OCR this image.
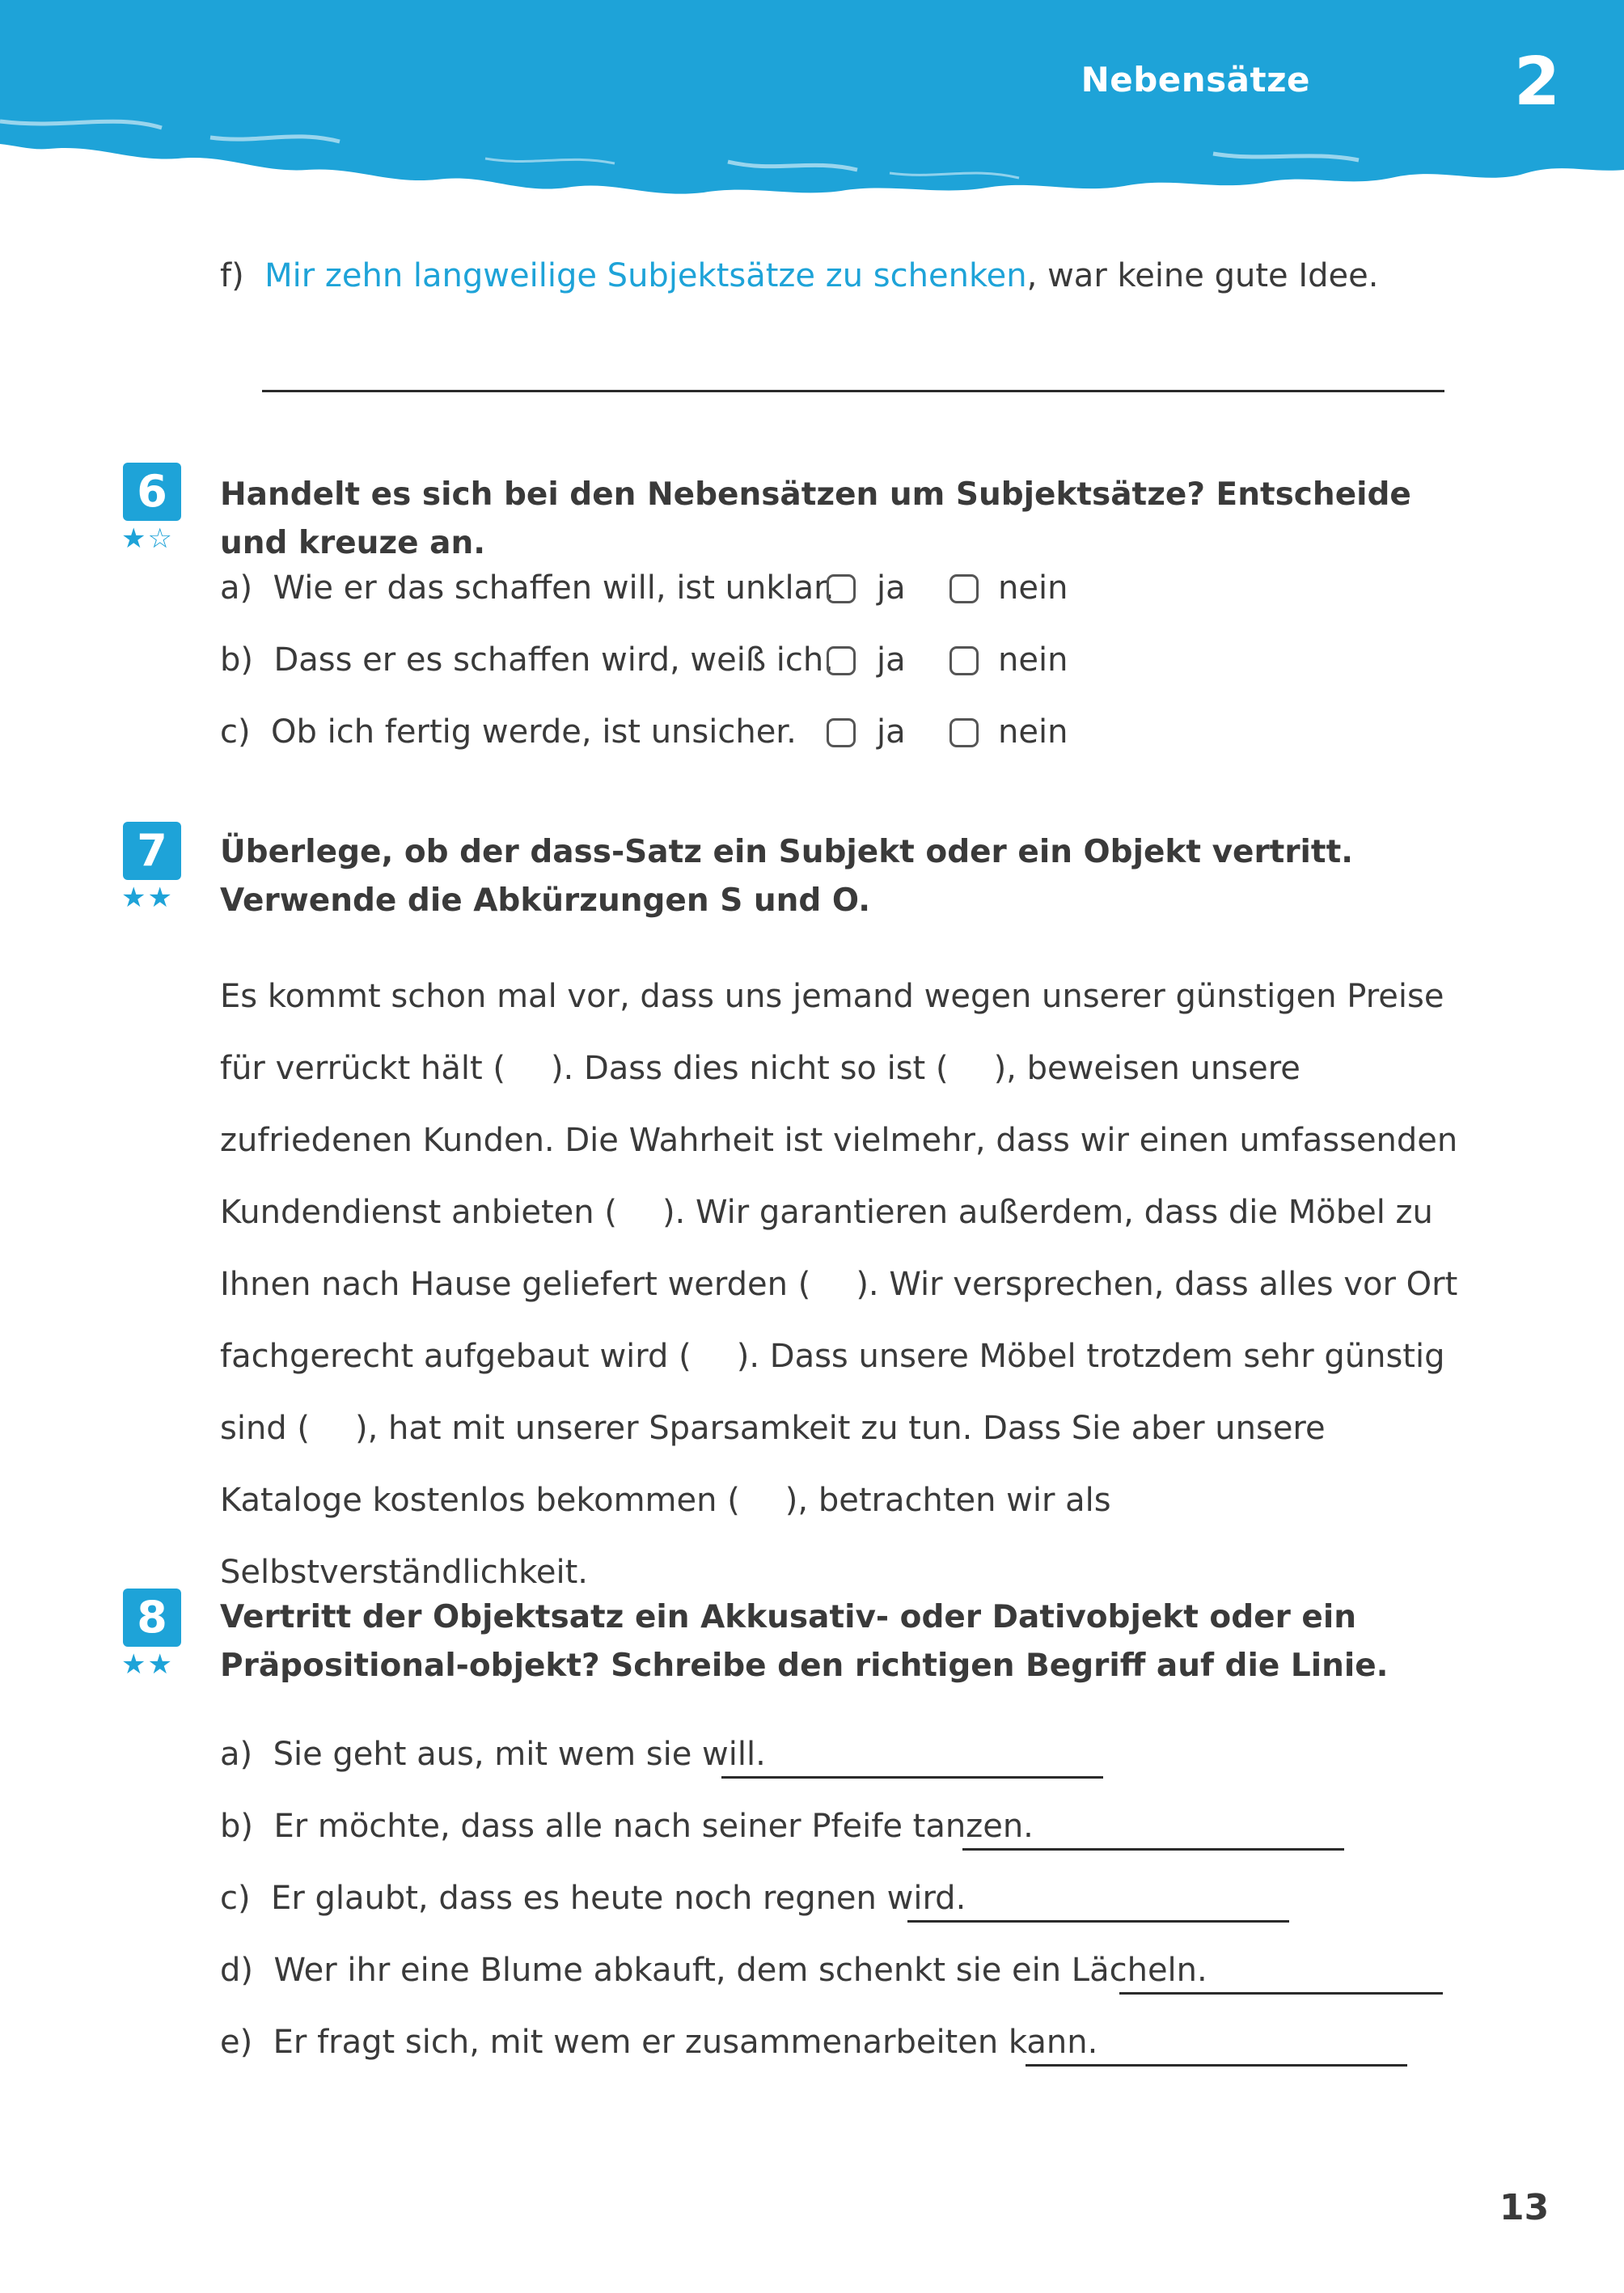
Nebensätze	2
f) Mir zehn langweilige Subjektsätze zu schenken, war keine gute Idee.
6
★☆
Handelt es sich bei den Nebensätzen um Subjektsätze? Entscheide und kreuze an.
a) Wie er das schaffen will, ist unklar. ja	nein
b) Dass er es schaffen wird, weiß ich. ja	nein
c) Ob ich fertig werde, ist unsicher. ja	nein
7
★★
Überlege, ob der dass-Satz ein Subjekt oder ein Objekt vertritt. Verwende die Abkürzungen S und O.
Es kommt schon mal vor, dass uns jemand wegen unserer günstigen Preise für verrückt hält ( ). Dass dies nicht so ist ( ), beweisen unsere zufriedenen Kunden. Die Wahrheit ist vielmehr, dass wir einen umfassenden Kundendienst anbieten ( ). Wir garantieren außerdem, dass die Möbel zu Ihnen nach Hause geliefert werden ( ). Wir versprechen, dass alles vor Ort fachgerecht aufgebaut wird ( ). Dass unsere Möbel trotzdem sehr günstig sind ( ), hat mit unserer Sparsamkeit zu tun. Dass Sie aber unsere Kataloge kostenlos bekommen ( ), betrachten wir als Selbstverständlichkeit.
8
★★
Vertritt der Objektsatz ein Akkusativ- oder Dativobjekt oder ein Präpositional-objekt? Schreibe den richtigen Begriff auf die Linie.
a) Sie geht aus, mit wem sie will.
b) Er möchte, dass alle nach seiner Pfeife tanzen.
c) Er glaubt, dass es heute noch regnen wird.
d) Wer ihr eine Blume abkauft, dem schenkt sie ein Lächeln.
e) Er fragt sich, mit wem er zusammenarbeiten kann.
13
